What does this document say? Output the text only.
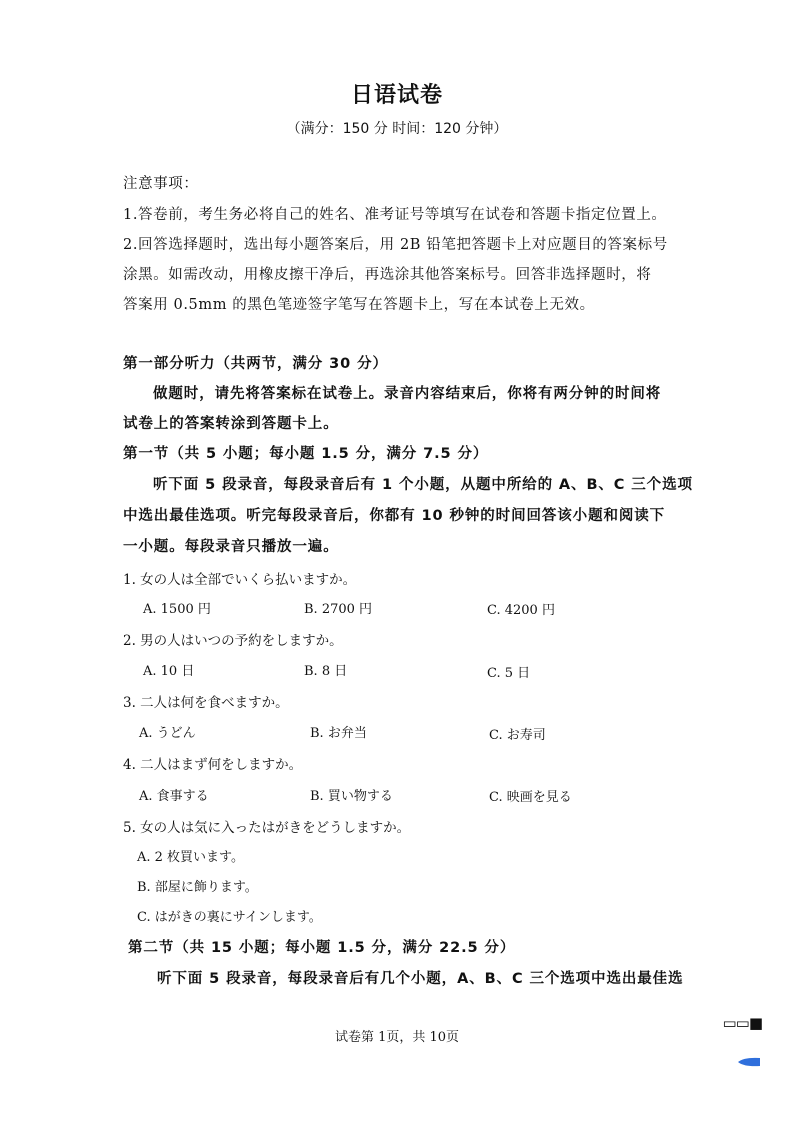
日语试卷
（满分：150 分 时间：120 分钟）
注意事项：
1.答卷前，考生务必将自己的姓名、准考证号等填写在试卷和答题卡指定位置上。
2.回答选择题时，选出每小题答案后，用 2B 铅笔把答题卡上对应题目的答案标号
涂黑。如需改动，用橡皮擦干净后，再选涂其他答案标号。回答非选择题时，将
答案用 0.5mm 的黑色笔迹签字笔写在答题卡上，写在本试卷上无效。
第一部分听力（共两节，满分 30 分）
做题时，请先将答案标在试卷上。录音内容结束后，你将有两分钟的时间将
试卷上的答案转涂到答题卡上。
第一节（共 5 小题；每小题 1.5 分，满分 7.5 分）
听下面 5 段录音，每段录音后有 1 个小题，从题中所给的 A、B、C 三个选项
中选出最佳选项。听完每段录音后，你都有 10 秒钟的时间回答该小题和阅读下
一小题。每段录音只播放一遍。
1. 女の人は全部でいくら払いますか。
A. 1500 円	B. 2700 円	C. 4200 円
2. 男の人はいつの予約をしますか。
A. 10 日	B. 8 日	C. 5 日
3. 二人は何を食べますか。
A. うどん	B. お弁当	C. お寿司
4. 二人はまず何をしますか。
A. 食事する	B. 買い物する	C. 映画を見る
5. 女の人は気に入ったはがきをどうしますか。
A. 2 枚買います。
B. 部屋に飾ります。
C. はがきの裏にサインします。
第二节（共 15 小题；每小题 1.5 分，满分 22.5 分）
听下面 5 段录音，每段录音后有几个小题，A、B、C 三个选项中选出最佳选
试卷第 1页，共 10页
▭▭■
